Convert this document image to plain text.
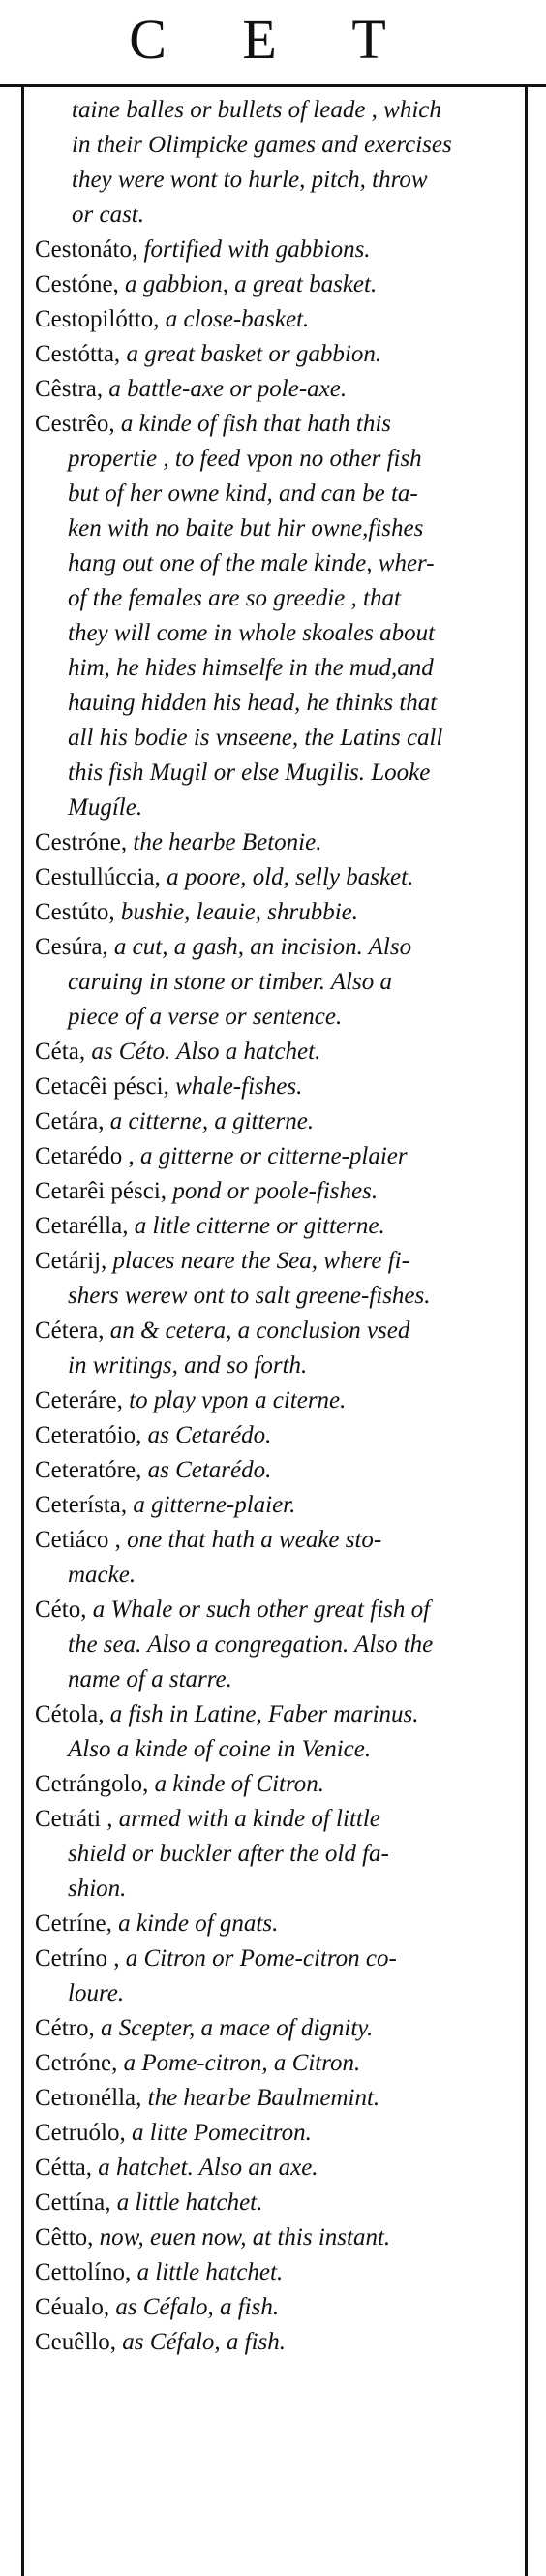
C E T
taine balles or bullets of leade , which
in their Olimpicke games and exercises
they were wont to hurle, pitch, throw
or cast.
Cestonáto, fortified with gabbions.
Cestóne, a gabbion, a great basket.
Cestopilótto, a close-basket.
Cestótta, a great basket or gabbion.
Cêstra, a battle-axe or pole-axe.
Cestrêo, a kinde of fish that hath this
propertie , to feed vpon no other fish
but of her owne kind, and can be ta-
ken with no baite but hir owne,fishes
hang out one of the male kinde, wher-
of the females are so greedie , that
they will come in whole skoales about
him, he hides himselfe in the mud,and
hauing hidden his head, he thinks that
all his bodie is vnseene, the Latins call
this fish Mugil or else Mugilis. Looke
Mugíle.
Cestróne, the hearbe Betonie.
Cestullúccia, a poore, old, selly basket.
Cestúto, bushie, leauie, shrubbie.
Cesúra, a cut, a gash, an incision. Also
caruing in stone or timber. Also a
piece of a verse or sentence.
Céta, as Céto. Also a hatchet.
Cetacêi pésci, whale-fishes.
Cetára, a citterne, a gitterne.
Cetarédo , a gitterne or citterne-plaier
Cetarêi pésci, pond or poole-fishes.
Cetarélla, a litle citterne or gitterne.
Cetárij, places neare the Sea, where fi-
shers werew ont to salt greene-fishes.
Cétera, an & cetera, a conclusion vsed
in writings, and so forth.
Ceteráre, to play vpon a citerne.
Ceteratóio, as Cetarédo.
Ceteratóre, as Cetarédo.
Ceterísta, a gitterne-plaier.
Cetiáco , one that hath a weake sto-
macke.
Céto, a Whale or such other great fish of
the sea. Also a congregation. Also the
name of a starre.
Cétola, a fish in Latine, Faber marinus.
Also a kinde of coine in Venice.
Cetrángolo, a kinde of Citron.
Cetráti , armed with a kinde of little
shield or buckler after the old fa-
shion.
Cetríne, a kinde of gnats.
Cetríno , a Citron or Pome-citron co-
loure.
Cétro, a Scepter, a mace of dignity.
Cetróne, a Pome-citron, a Citron.
Cetronélla, the hearbe Baulmemint.
Cetruólo, a litte Pomecitron.
Cétta, a hatchet. Also an axe.
Cettína, a little hatchet.
Cêtto, now, euen now, at this instant.
Cettolíno, a little hatchet.
Céualo, as Céfalo, a fish.
Ceuêllo, as Céfalo, a fish.
